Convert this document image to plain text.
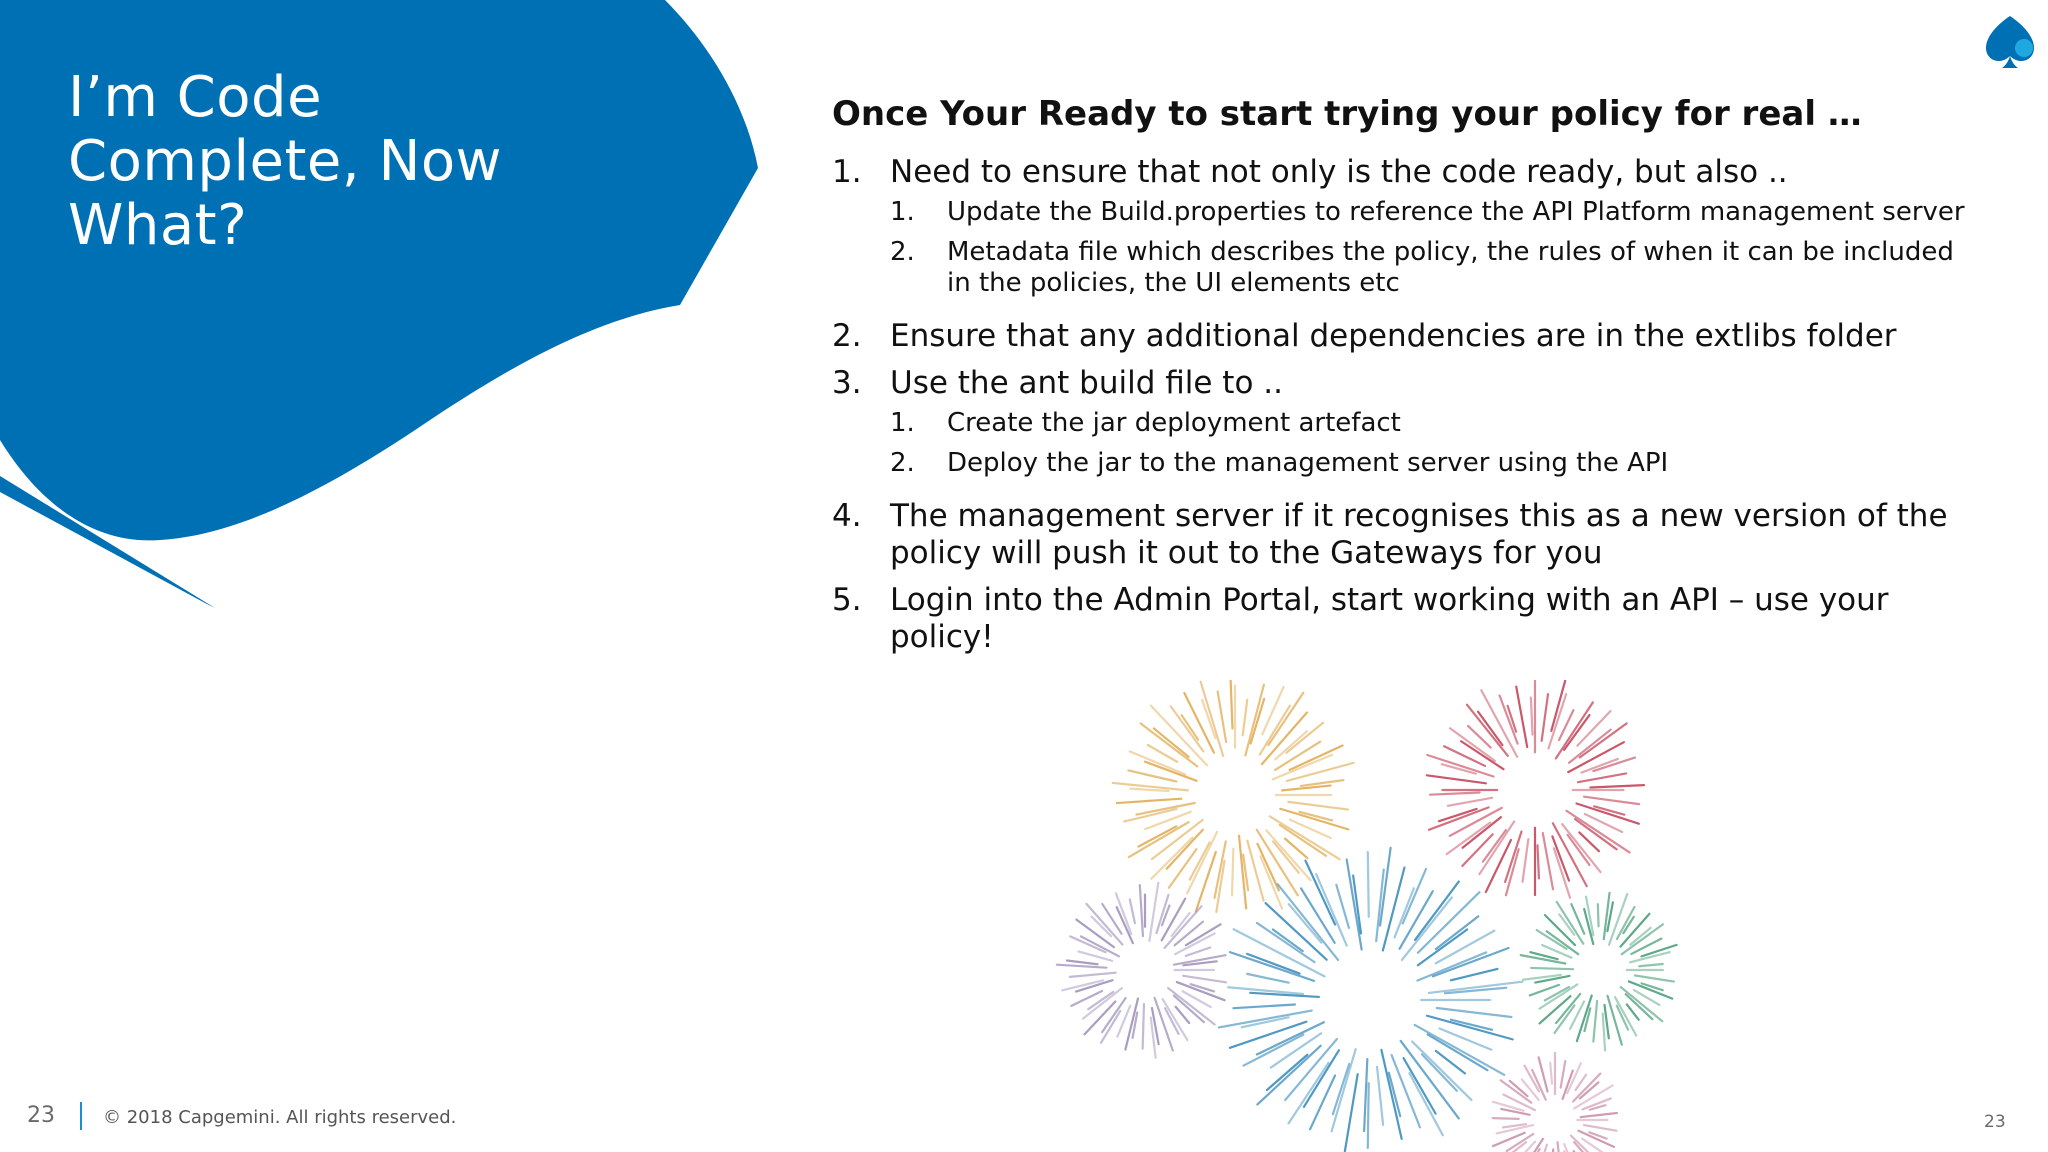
I’m Code Complete, Now What?
Once Your Ready to start trying your policy for real …
1. Need to ensure that not only is the code ready, but also ..
1.	Update the Build.properties to reference the API Platform management server
2.	Metadata file which describes the policy, the rules of when it can be included in the policies, the UI elements etc
2. Ensure that any additional dependencies are in the extlibs folder
3. Use the ant build file to ..
1.	Create the jar deployment artefact
2.	Deploy the jar to the management server using the API
4. The management server if it recognises this as a new version of the policy will push it out to the Gateways for you
5. Login into the Admin Portal, start working with an API – use your policy!
23	© 2018 Capgemini. All rights reserved.	23
